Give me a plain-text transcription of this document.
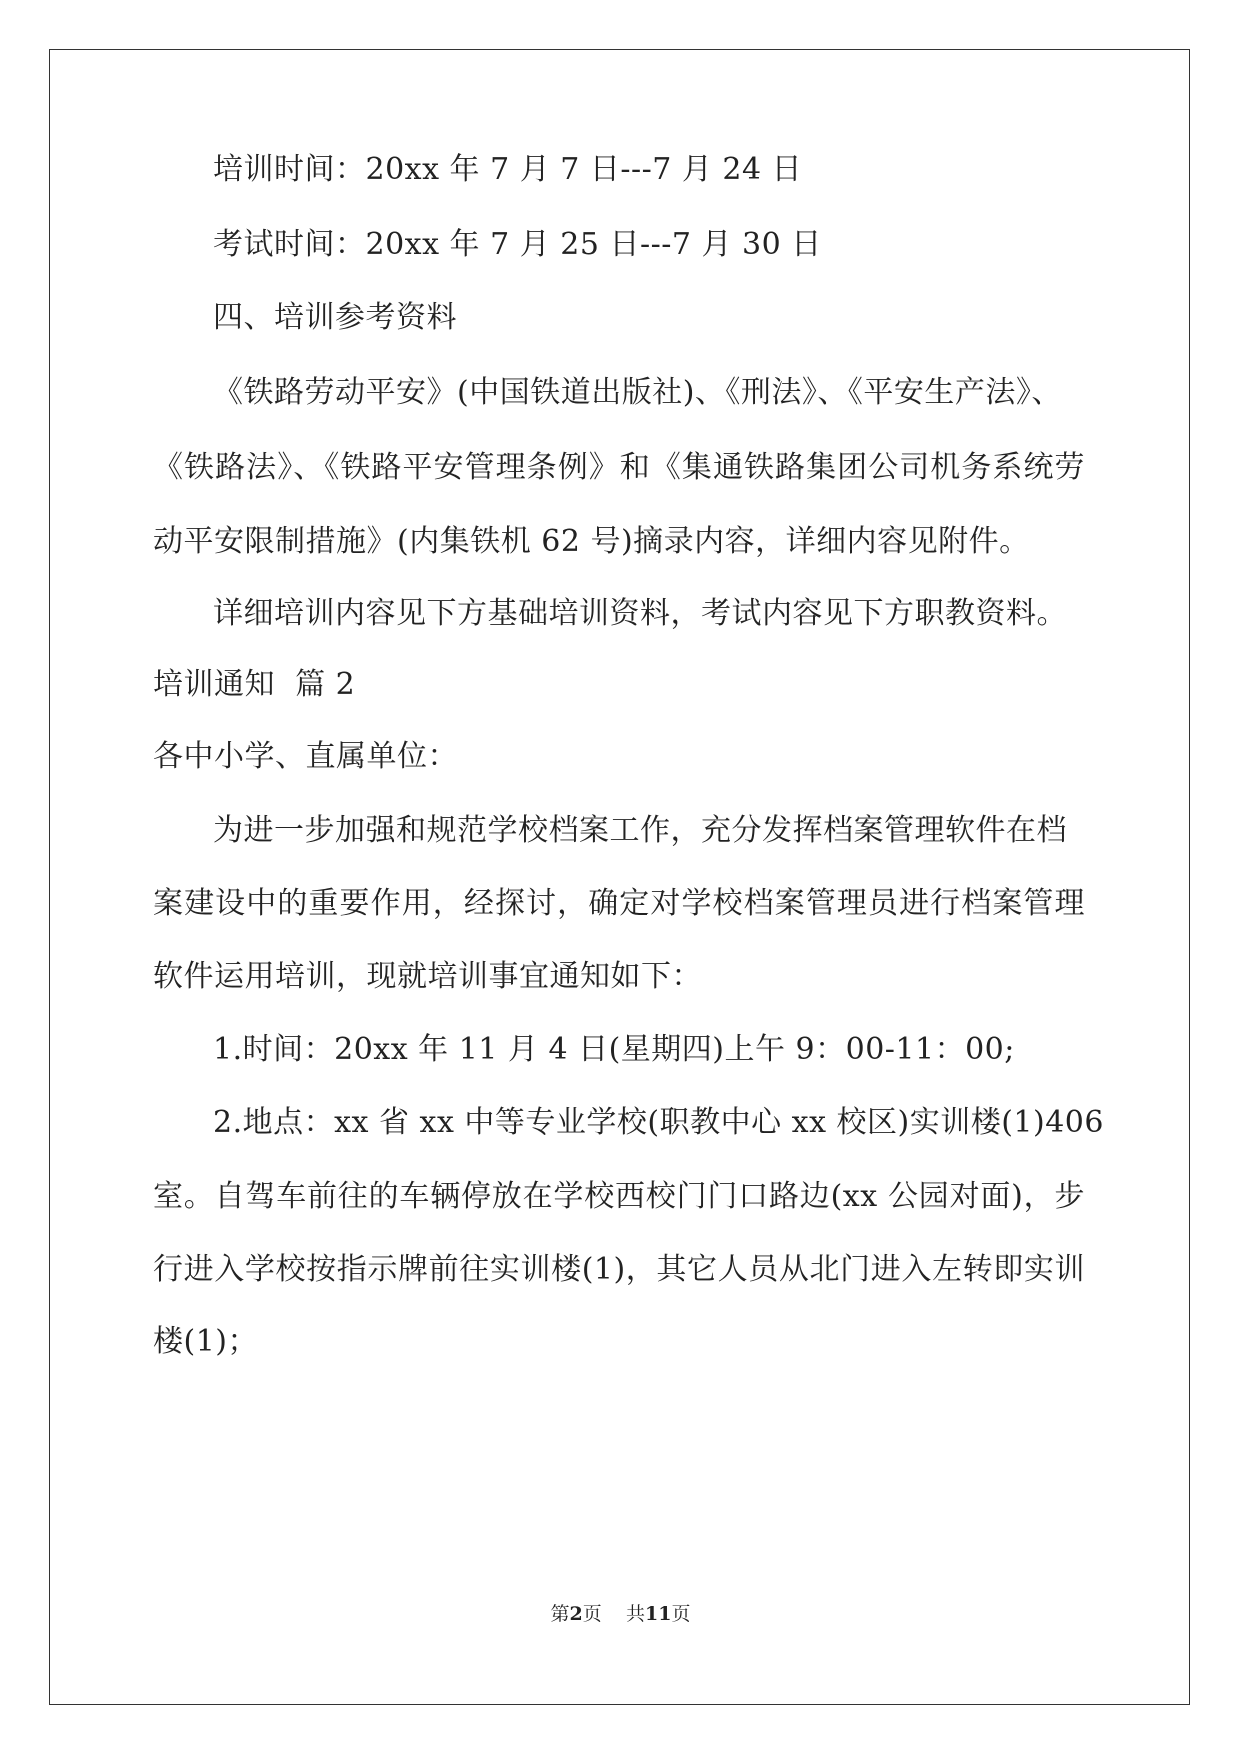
培训时间：20xx 年 7 月 7 日---7 月 24 日
考试时间：20xx 年 7 月 25 日---7 月 30 日
四、培训参考资料
《铁路劳动平安》(中国铁道出版社)、《刑法》、《平安生产法》、
《铁路法》、《铁路平安管理条例》和《集通铁路集团公司机务系统劳
动平安限制措施》(内集铁机 62 号)摘录内容，详细内容见附件。
详细培训内容见下方基础培训资料，考试内容见下方职教资料。
培训通知  篇 2
各中小学、直属单位：
为进一步加强和规范学校档案工作，充分发挥档案管理软件在档
案建设中的重要作用，经探讨，确定对学校档案管理员进行档案管理
软件运用培训，现就培训事宜通知如下：
1.时间：20xx 年 11 月 4 日(星期四)上午 9：00-11：00;
2.地点：xx 省 xx 中等专业学校(职教中心 xx 校区)实训楼(1)406
室。自驾车前往的车辆停放在学校西校门门口路边(xx 公园对面)，步
行进入学校按指示牌前往实训楼(1)，其它人员从北门进入左转即实训
楼(1)；
第2页 共11页
